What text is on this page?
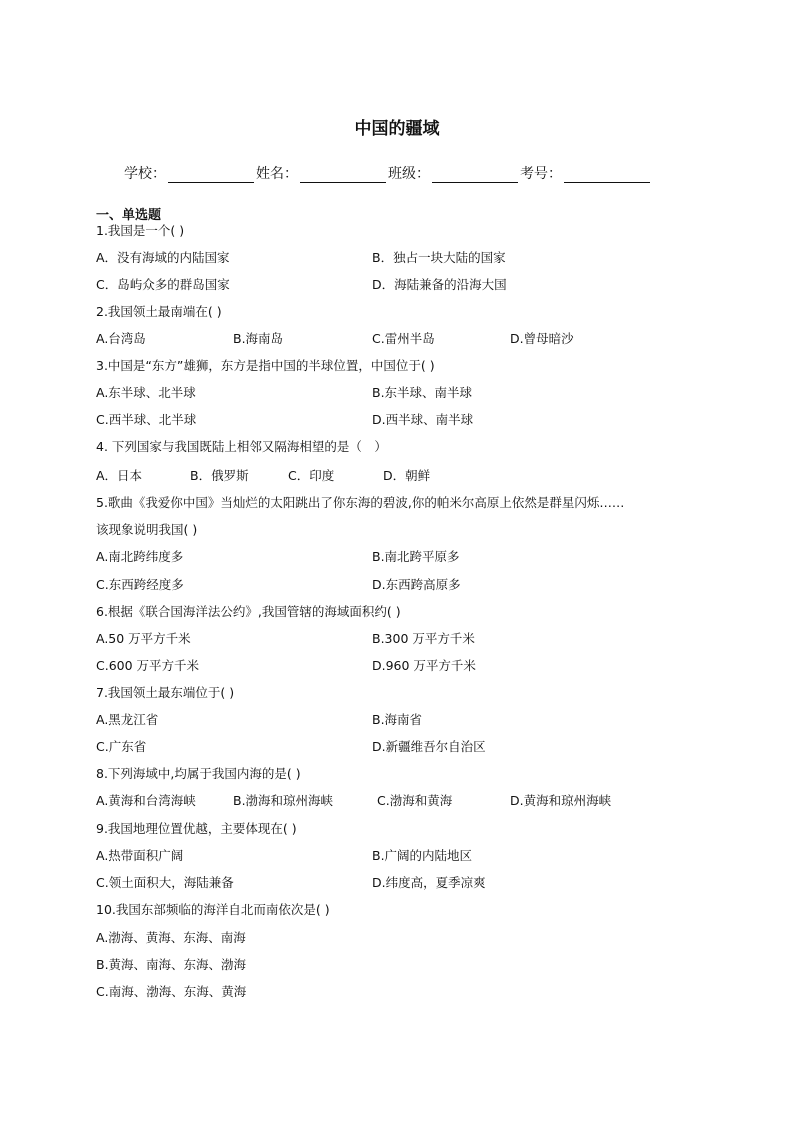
中国的疆域
学校：	姓名：	班级：	考号：
一、单选题
1.我国是一个( )
A．没有海域的内陆国家	B．独占一块大陆的国家
C．岛屿众多的群岛国家	D．海陆兼备的沿海大国
2.我国领土最南端在( )
A.台湾岛	B.海南岛	C.雷州半岛	D.曾母暗沙
3.中国是“东方”雄狮，东方是指中国的半球位置，中国位于( )
A.东半球、北半球	B.东半球、南半球
C.西半球、北半球	D.西半球、南半球
4. 下列国家与我国既陆上相邻又隔海相望的是（　）
A．日本	B．俄罗斯	C．印度	D．朝鲜
5.歌曲《我爱你中国》当灿烂的太阳跳出了你东海的碧波,你的帕米尔高原上依然是群星闪烁……
该现象说明我国( )
A.南北跨纬度多	B.南北跨平原多
C.东西跨经度多	D.东西跨高原多
6.根据《联合国海洋法公约》,我国管辖的海域面积约( )
A.50 万平方千米	B.300 万平方千米
C.600 万平方千米	D.960 万平方千米
7.我国领土最东端位于( )
A.黑龙江省	B.海南省
C.广东省	D.新疆维吾尔自治区
8.下列海域中,均属于我国内海的是( )
A.黄海和台湾海峡	B.渤海和琼州海峡	C.渤海和黄海	D.黄海和琼州海峡
9.我国地理位置优越，主要体现在( )
A.热带面积广阔	B.广阔的内陆地区
C.领土面积大，海陆兼备	D.纬度高，夏季凉爽
10.我国东部频临的海洋自北而南依次是( )
A.渤海、黄海、东海、南海
B.黄海、南海、东海、渤海
C.南海、渤海、东海、黄海
